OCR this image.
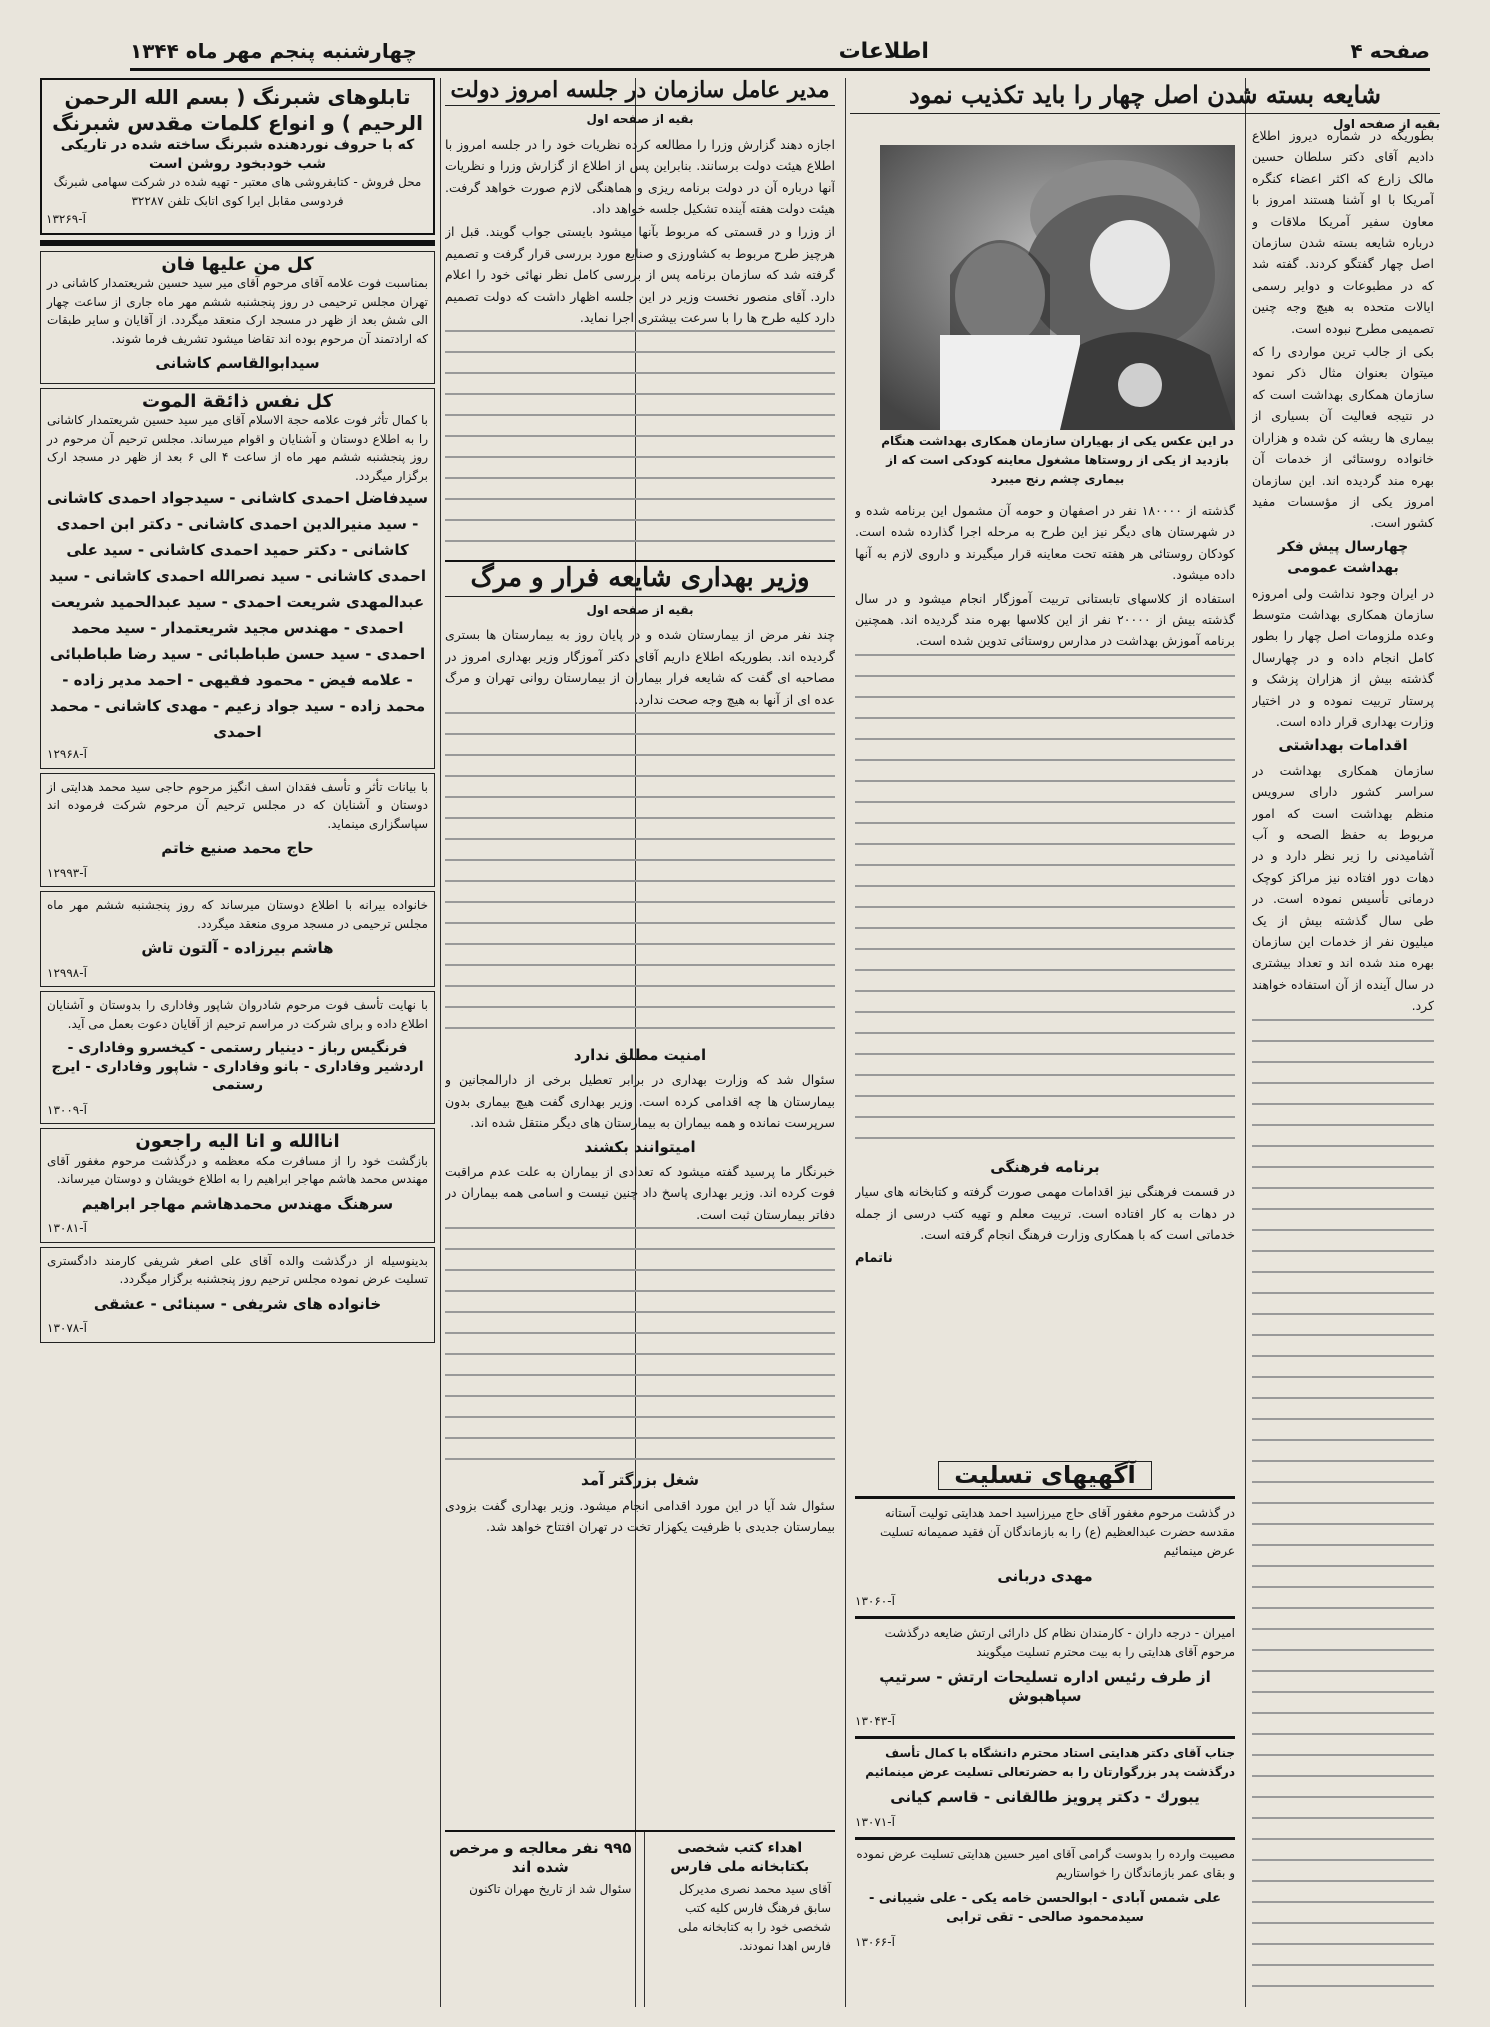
صفحه ۴
اطلاعات
چهارشنبه پنجم مهر ماه ۱۳۴۴
شایعه بسته شدن اصل چهار را باید تکذیب نمود
بقیه از صفحه اول

بطوریکه در شماره دیروز اطلاع دادیم آقای دکتر سلطان حسین مالک زارع که اکثر اعضاء کنگره آمریکا با او آشنا هستند امروز با معاون سفیر آمریکا ملاقات و درباره شایعه بسته شدن سازمان اصل چهار گفتگو کردند. گفته شد که در مطبوعات و دوایر رسمی ایالات متحده به هیچ وجه چنین تصمیمی مطرح نبوده است.

بکی از جالب ترین مواردی را که میتوان بعنوان مثال ذکر نمود سازمان همکاری بهداشت است که در نتیجه فعالیت آن بسیاری از بیماری ها ریشه کن شده و هزاران خانواده روستائی از خدمات آن بهره مند گردیده اند. این سازمان امروز یکی از مؤسسات مفید کشور است.

چهارسال پیش فکر بهداشت عمومی

در ایران وجود نداشت ولی امروزه سازمان همکاری بهداشت متوسط وعده ملزومات اصل چهار را بطور کامل انجام داده و در چهارسال گذشته بیش از هزاران پزشک و پرستار تربیت نموده و در اختیار وزارت بهداری قرار داده است.

اقدامات بهداشتی

سازمان همکاری بهداشت در سراسر کشور دارای سرویس منظم بهداشت است که امور مربوط به حفظ الصحه و آب آشامیدنی را زیر نظر دارد و در دهات دور افتاده نیز مراکز کوچک درمانی تأسیس نموده است. در طی سال گذشته بیش از یک میلیون نفر از خدمات این سازمان بهره مند شده اند و تعداد بیشتری در سال آینده از آن استفاده خواهند کرد.

در این عکس یکی از بهیاران سازمان همکاری بهداشت هنگام بازدید از یکی از روستاها مشغول معاینه کودکی است که از بیماری چشم رنج میبرد

گذشته از ۱۸۰۰۰۰ نفر در اصفهان و حومه آن مشمول این برنامه شده و در شهرستان های دیگر نیز این طرح به مرحله اجرا گذارده شده است. کودکان روستائی هر هفته تحت معاینه قرار میگیرند و داروی لازم به آنها داده میشود.

استفاده از کلاسهای تابستانی تربیت آموزگار انجام میشود و در سال گذشته بیش از ۲۰۰۰۰ نفر از این کلاسها بهره مند گردیده اند. همچنین برنامه آموزش بهداشت در مدارس روستائی تدوین شده است.

برنامه فرهنگی

در قسمت فرهنگی نیز اقدامات مهمی صورت گرفته و کتابخانه های سیار در دهات به کار افتاده است. تربیت معلم و تهیه کتب درسی از جمله خدماتی است که با همکاری وزارت فرهنگ انجام گرفته است.

ناتمام
آگهیهای تسلیت

در گذشت مرحوم مغفور آقای حاج میرزاسید احمد هدایتی تولیت آستانه مقدسه حضرت عبدالعظیم (ع) را به بازماندگان آن فقید صمیمانه تسلیت عرض مینمائیم

مهدی دربانی
آ-۱۳۰۶۰

امیران - درجه داران - کارمندان نظام کل دارائی ارتش ضایعه درگذشت مرحوم آقای هدایتی را به بیت محترم تسلیت میگویند

از طرف رئیس اداره تسلیحات ارتش - سرتیپ سپاهبوش
آ-۱۳۰۴۳

جناب آقای دکتر هدایتی استاد محترم دانشگاه با کمال تأسف درگذشت پدر بزرگوارتان را به حضرتعالی تسلیت عرض مینمائیم

یبورك - دكتر پرویز طالقانی - قاسم كیانی
آ-۱۳۰۷۱

مصیبت وارده را بدوست گرامی آقای امیر حسین هدایتی تسلیت عرض نموده و بقای عمر بازماندگان را خواستاریم

علی شمس آبادی - ابوالحسن خامه یکی - علی شیبانی - سیدمحمود صالحی - تقی ترابی
آ-۱۳۰۶۶
مدیر عامل سازمان در جلسه امروز دولت
بقیه از صفحه اول

اجازه دهند گزارش وزرا را مطالعه کرده نظریات خود را در جلسه امروز با اطلاع هیئت دولت برسانند. بنابراین پس از اطلاع از گزارش وزرا و نظریات آنها درباره آن در دولت برنامه ریزی و هماهنگی لازم صورت خواهد گرفت. هیئت دولت هفته آینده تشکیل جلسه خواهد داد.

از وزرا و در قسمتی که مربوط بآنها میشود بایستی جواب گویند. قبل از هرچیز طرح مربوط به کشاورزی و صنایع مورد بررسی قرار گرفت و تصمیم گرفته شد که سازمان برنامه پس از بررسی کامل نظر نهائی خود را اعلام دارد. آقای منصور نخست وزیر در این جلسه اظهار داشت که دولت تصمیم دارد کلیه طرح ها را با سرعت بیشتری اجرا نماید.

وزیر بهداری شایعه فرار و مرگ
بقیه از صفحه اول

چند نفر مرض از بیمارستان شده و در پایان روز به بیمارستان ها بستری گردیده اند. بطوریکه اطلاع داریم آقای دکتر آموزگار وزیر بهداری امروز در مصاحبه ای گفت که شایعه فرار بیماران از بیمارستان روانی تهران و مرگ عده ای از آنها به هیچ وجه صحت ندارد.

امنیت مطلق ندارد

سئوال شد که وزارت بهداری در برابر تعطیل برخی از دارالمجانین و بیمارستان ها چه اقدامی کرده است. وزیر بهداری گفت هیچ بیماری بدون سرپرست نمانده و همه بیماران به بیمارستان های دیگر منتقل شده اند.

امیتوانند بکشند

خبرنگار ما پرسید گفته میشود که تعدادی از بیماران به علت عدم مراقبت فوت کرده اند. وزیر بهداری پاسخ داد چنین نیست و اسامی همه بیماران در دفاتر بیمارستان ثبت است.

شغل بزرگتر آمد

سئوال شد آیا در این مورد اقدامی انجام میشود. وزیر بهداری گفت بزودی بیمارستان جدیدی با ظرفیت یکهزار تخت در تهران افتتاح خواهد شد.

اهداء کتب شخصی بکتابخانه ملی فارس
آقای سید محمد نصری مدیرکل سابق فرهنگ فارس کلیه کتب شخصی خود را به کتابخانه ملی فارس اهدا نمودند.
۹۹۵ نفر معالجه و مرخص شده اند
سئوال شد از تاریخ مهران تاکنون
تابلوهای شبرنگ ( بسم الله الرحمن الرحیم ) و انواع کلمات مقدس شبرنگ
که با حروف نوردهنده شبرنگ ساخته شده در تاریکی شب خودبخود روشن است
محل فروش - کتابفروشی های معتبر - تهیه شده در شرکت سهامی شبرنگ فردوسی مقابل ایرا کوی اتابک تلفن ۳۲۲۸۷
آ-۱۳۲۶۹
کل من علیها فان
بمناسبت فوت علامه آقای مرحوم آقای میر سید حسین شریعتمدار کاشانی در تهران مجلس ترحیمی در روز پنجشنبه ششم مهر ماه جاری از ساعت چهار الی شش بعد از ظهر در مسجد ارک منعقد میگردد. از آقایان و سایر طبقات که ارادتمند آن مرحوم بوده اند تقاضا میشود تشریف فرما شوند.
سیدابوالقاسم کاشانی
کل نفس ذائقة الموت
با کمال تأثر فوت علامه حجة الاسلام آقای میر سید حسین شریعتمدار کاشانی را به اطلاع دوستان و آشنایان و اقوام میرساند. مجلس ترحیم آن مرحوم در روز پنجشنبه ششم مهر ماه از ساعت ۴ الی ۶ بعد از ظهر در مسجد ارک برگزار میگردد.
سیدفاضل احمدی کاشانی - سیدجواد احمدی کاشانی - سید منیرالدین احمدی کاشانی - دکتر ابن احمدی کاشانی - دکتر حمید احمدی کاشانی - سید علی احمدی کاشانی - سید نصرالله احمدی کاشانی - سید عبدالمهدی شریعت احمدی - سید عبدالحمید شریعت احمدی - مهندس مجید شریعتمدار - سید محمد احمدی - سید حسن طباطبائی - سید رضا طباطبائی - علامه فیض - محمود فقیهی - احمد مدیر زاده - محمد زاده - سید جواد زعیم - مهدی کاشانی - محمد احمدی
آ-۱۲۹۶۸
با بیانات تأثر و تأسف فقدان اسف انگیز مرحوم حاجی سید محمد هدایتی از دوستان و آشنایان که در مجلس ترحیم آن مرحوم شرکت فرموده اند سپاسگزاری مینماید.
حاج محمد صنیع خاتم
آ-۱۲۹۹۳
خانواده بیرانه با اطلاع دوستان میرساند که روز پنجشنبه ششم مهر ماه مجلس ترحیمی در مسجد مروی منعقد میگردد.
هاشم بیرزاده - آلتون تاش
آ-۱۲۹۹۸
با نهایت تأسف فوت مرحوم شادروان شاپور وفاداری را بدوستان و آشنایان اطلاع داده و برای شرکت در مراسم ترحیم از آقایان دعوت بعمل می آید.
فرنگیس رباز - دینیار رستمی - کیخسرو وفاداری - اردشیر وفاداری - بانو وفاداری - شاپور وفاداری - ایرج رستمی
آ-۱۳۰۰۹
اناالله و انا الیه راجعون
بازگشت خود را از مسافرت مکه معظمه و درگذشت مرحوم مغفور آقای مهندس محمد هاشم مهاجر ابراهیم را به اطلاع خویشان و دوستان میرساند.
سرهنگ مهندس محمدهاشم مهاجر ابراهیم
آ-۱۳۰۸۱
بدینوسیله از درگذشت والده آقای علی اصغر شریفی کارمند دادگستری تسلیت عرض نموده مجلس ترحیم روز پنجشنبه برگزار میگردد.
خانواده های شریفی - سینائی - عشقی
آ-۱۳۰۷۸
